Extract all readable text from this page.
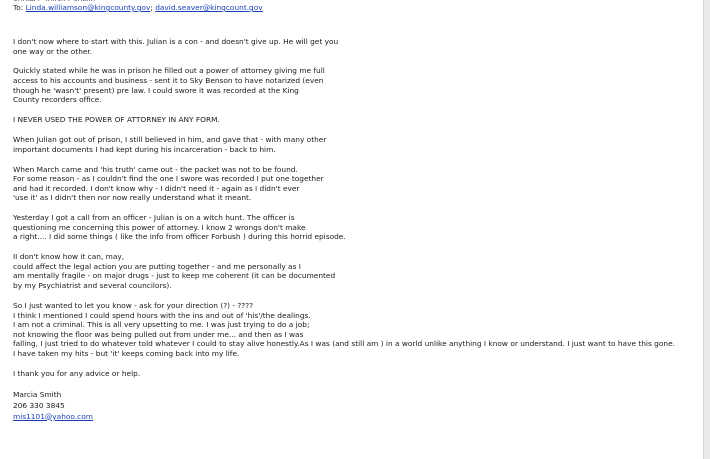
To: Linda.williamson@kingcounty.gov; david.seaver@kingcount.gov
I don't now where to start with this. Julian is a con - and doesn't give up. He will get you
one way or the other.
Quickly stated while he was in prison he filled out a power of attorney giving me full
access to his accounts and business - sent it to Sky Benson to have notarized (even
though he 'wasn't' present) pre law. I could swore it was recorded at the King
County recorders office.
I NEVER USED THE POWER OF ATTORNEY IN ANY FORM.
When Julian got out of prison, I still believed in him, and gave that - with many other
important documents I had kept during his incarceration - back to him.
When March came and 'his truth' came out - the packet was not to be found.
For some reason - as I couldn't find the one I swore was recorded I put one together
and had it recorded. I don't know why - I didn't need it - again as I didn't ever
'use it' as I didn't then nor now really understand what it meant.
Yesterday I got a call from an officer - Julian is on a witch hunt. The officer is
questioning me concerning this power of attorney. I know 2 wrongs don't make
a right.... I did some things ( like the info from officer Forbush ) during this horrid episode.
II don't know how it can, may,
could affect the legal action you are putting together - and me personally as I
am mentally fragile - on major drugs - just to keep me coherent (it can be documented
by my Psychiatrist and several councilors).
So I just wanted to let you know - ask for your direction (?) - ????
I think I mentioned I could spend hours with the ins and out of 'his'/the dealings.
I am not a criminal. This is all very upsetting to me. I was just trying to do a job;
not knowing the floor was being pulled out from under me... and then as I was
falling, I just tried to do whatever told whatever I could to stay alive honestly.As I was (and still am ) in a world unlike anything I know or understand. I just want to have this gone.
I have taken my hits - but 'it' keeps coming back into my life.
I thank you for any advice or help.
Marcia Smith
206 330 3845
mis1101@yahoo.com
